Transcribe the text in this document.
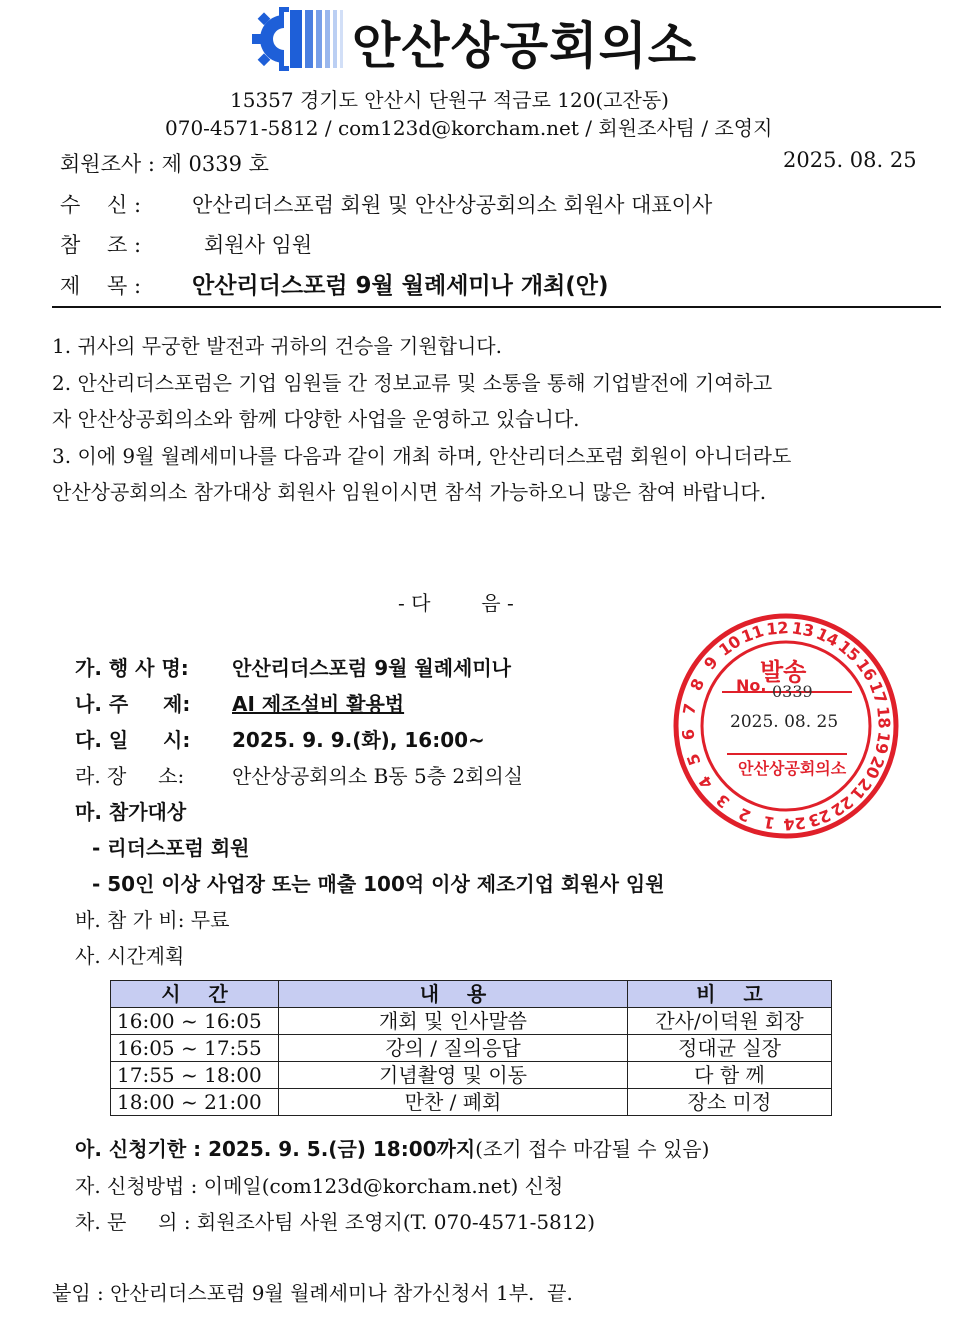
안산상공회의소
15357 경기도 안산시 단원구 적금로 120(고잔동)
070-4571-5812 / com123d@korcham.net / 회원조사팀 / 조영지
회원조사 : 제 0339 호	2025. 08. 25
수    신 : 안산리더스포럼 회원 및 안산상공회의소 회원사 대표이사
참    조 :	회원사 임원
제    목 : 안산리더스포럼 9월 월례세미나 개최(안)
1. 귀사의 무궁한 발전과 귀하의 건승을 기원합니다.
2. 안산리더스포럼은 기업 임원들 간 정보교류 및 소통을 통해 기업발전에 기여하고
자 안산상공회의소와 함께 다양한 사업을 운영하고 있습니다.
3. 이에 9월 월례세미나를 다음과 같이 개최 하며, 안산리더스포럼 회원이 아니더라도
안산상공회의소 참가대상 회원사 임원이시면 참석 가능하오니 많은 참여 바랍니다.
- 다        음 -
가. 행 사 명: 안산리더스포럼 9월 월례세미나
나. 주     제: AI 제조설비 활용법
다. 일     시: 2025. 9. 9.(화), 16:00~
라. 장     소: 안산상공회의소 B동 5층 2회의실
마. 참가대상
- 리더스포럼 회원
- 50인 이상 사업장 또는 매출 100억 이상 제조기업 회원사 임원
바. 참 가 비: 무료
사. 시간계획
시    간	내    용	비    고
16:00 ~ 16:05	개회 및 인사말씀	간사/이덕원 회장
16:05 ~ 17:55	강의 / 질의응답	정대균 실장
17:55 ~ 18:00	기념촬영 및 이동	다 함 께
18:00 ~ 21:00	만찬 / 폐회	장소 미정
아. 신청기한 : 2025. 9. 5.(금) 18:00까지(조기 접수 마감될 수 있음)
자. 신청방법 : 이메일(com123d@korcham.net) 신청
차. 문     의 : 회원조사팀 사원 조영지(T. 070-4571-5812)
붙임 : 안산리더스포럼 9월 월례세미나 참가신청서 1부.  끝.
1
2
3
4
5
6
7
8
9
10
11 12 13
14
15
16
17
18
19
20
21
22
23
24
발송
No. 0339
2025. 08. 25
안산상공회의소
